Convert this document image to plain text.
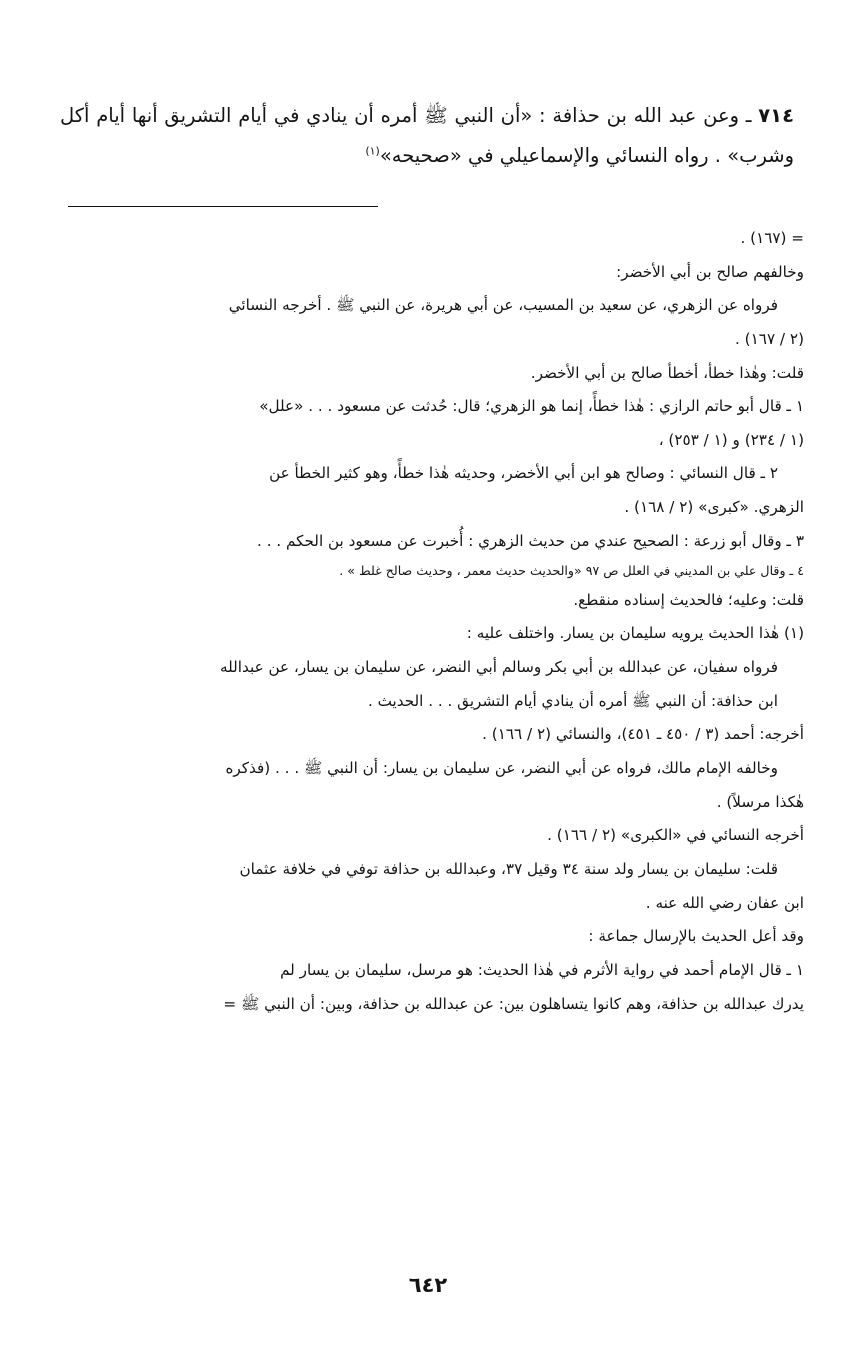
٧١٤ ـ وعن عبد الله بن حذافة : «أن النبي ﷺ أمره أن ينادي في أيام التشريق أنها أيام أكل وشرب» . رواه النسائي والإسماعيلي في «صحيحه»$^{(١)}$

= (١٦٧) .

وخالفهم صالح بن أبي الأخضر:

فرواه عن الزهري، عن سعيد بن المسيب، عن أبي هريرة، عن النبي ﷺ . أخرجه النسائي

(٢ / ١٦٧) .

قلت: وهٰذا خطأ، أخطأ صالح بن أبي الأخضر.

١ ـ قال أبو حاتم الرازي : هٰذا خطأً، إنما هو الزهري؛ قال: حُدثت عن مسعود . . . «علل»

(١ / ٢٣٤) و (١ / ٢٥٣) ،

٢ ـ قال النسائي : وصالح هو ابن أبي الأخضر، وحديثه هٰذا خطأً، وهو كثير الخطأ عن

الزهري. «كبرى» (٢ / ١٦٨) .

٣ ـ وقال أبو زرعة : الصحيح عندي من حديث الزهري : أُخبرت عن مسعود بن الحكم . . .

٤ ـ وقال علي بن المديني في العلل ص ٩٧ «والحديث حديث معمر ، وحديث صالح غلط » .

قلت: وعليه؛ فالحديث إسناده منقطع.

(١) هٰذا الحديث يرويه سليمان بن يسار. واختلف عليه :

فرواه سفيان، عن عبدالله بن أبي بكر وسالم أبي النضر، عن سليمان بن يسار، عن عبدالله

ابن حذافة: أن النبي ﷺ أمره أن ينادي أيام التشريق . . . الحديث .

أخرجه: أحمد (٣ / ٤٥٠ ـ ٤٥١)، والنسائي (٢ / ١٦٦) .

وخالفه الإمام مالك، فرواه عن أبي النضر، عن سليمان بن يسار: أن النبي ﷺ . . . (فذكره

هٰكذا مرسلاً) .

أخرجه النسائي في «الكبرى» (٢ / ١٦٦) .

قلت: سليمان بن يسار ولد سنة ٣٤ وقيل ٣٧، وعبدالله بن حذافة توفي في خلافة عثمان

ابن عفان رضي الله عنه .

وقد أعل الحديث بالإرسال جماعة :

١ ـ قال الإمام أحمد في رواية الأثرم في هٰذا الحديث: هو مرسل، سليمان بن يسار لم

يدرك عبدالله بن حذافة، وهم كانوا يتساهلون بين: عن عبدالله بن حذافة، وبين: أن النبي ﷺ =

٦٤٢
